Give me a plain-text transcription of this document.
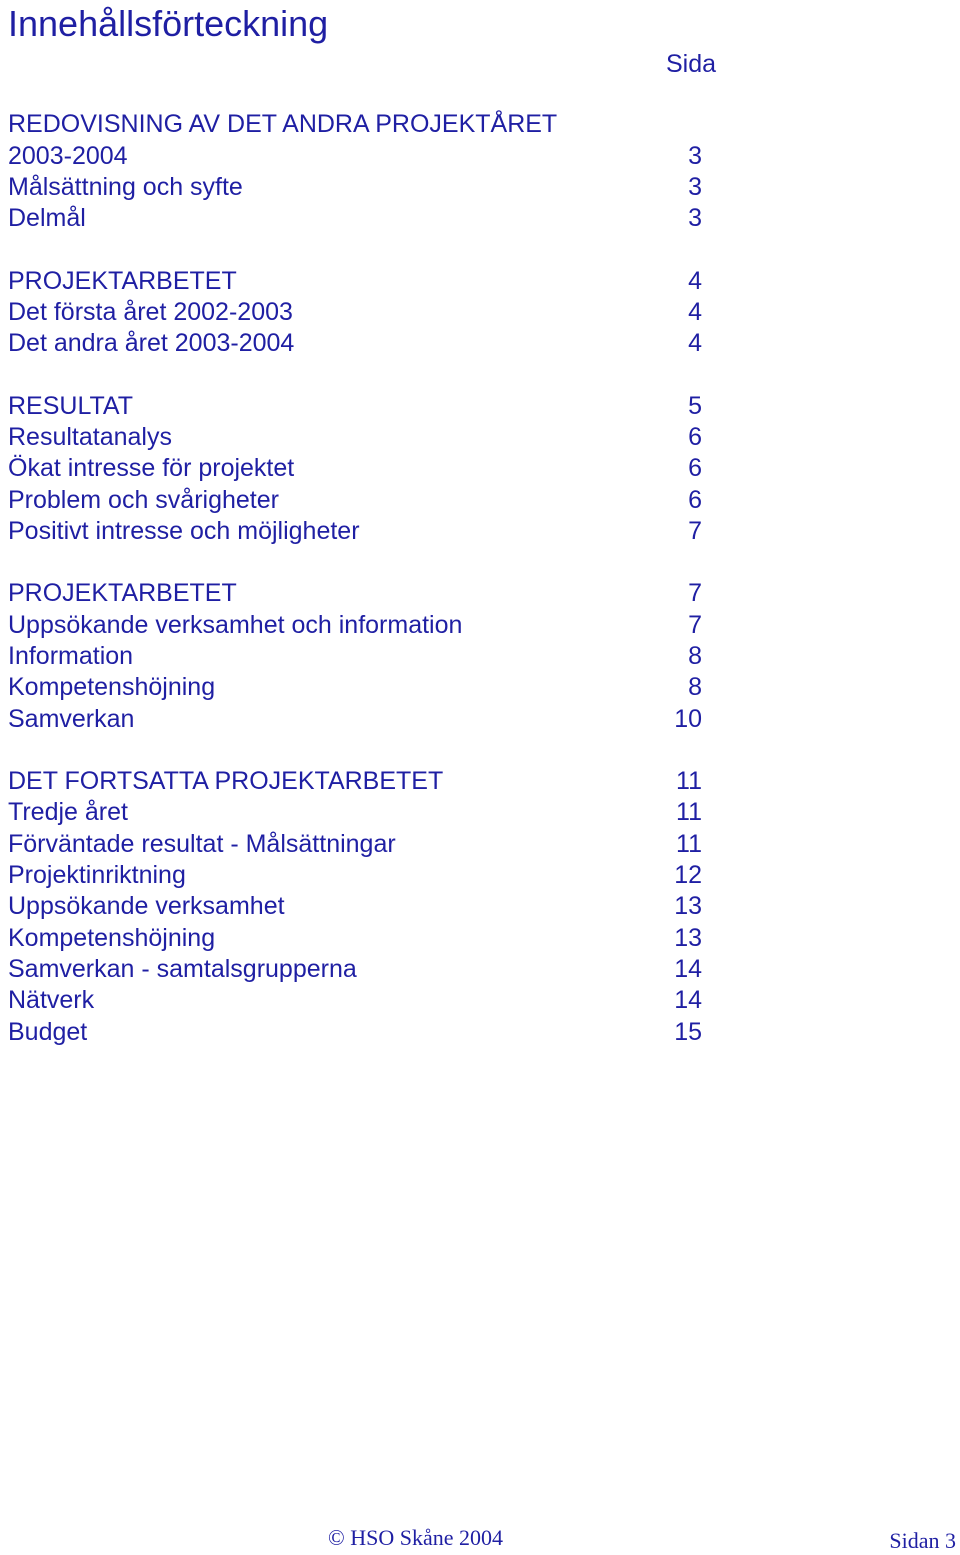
Innehållsförteckning
Sida
REDOVISNING AV DET ANDRA PROJEKTÅRET
2003-2004	3
Målsättning och syfte	3
Delmål	3
PROJEKTARBETET	4
Det första året 2002-2003	4
Det andra året 2003-2004	4
RESULTAT	5
Resultatanalys	6
Ökat intresse för projektet	6
Problem och svårigheter	6
Positivt intresse och möjligheter	7
PROJEKTARBETET	7
Uppsökande verksamhet och information	7
Information	8
Kompetenshöjning	8
Samverkan	10
DET FORTSATTA PROJEKTARBETET	11
Tredje året	11
Förväntade resultat - Målsättningar	11
Projektinriktning	12
Uppsökande verksamhet	13
Kompetenshöjning	13
Samverkan - samtalsgrupperna	14
Nätverk	14
Budget	15
© HSO Skåne 2004	Sidan 3
